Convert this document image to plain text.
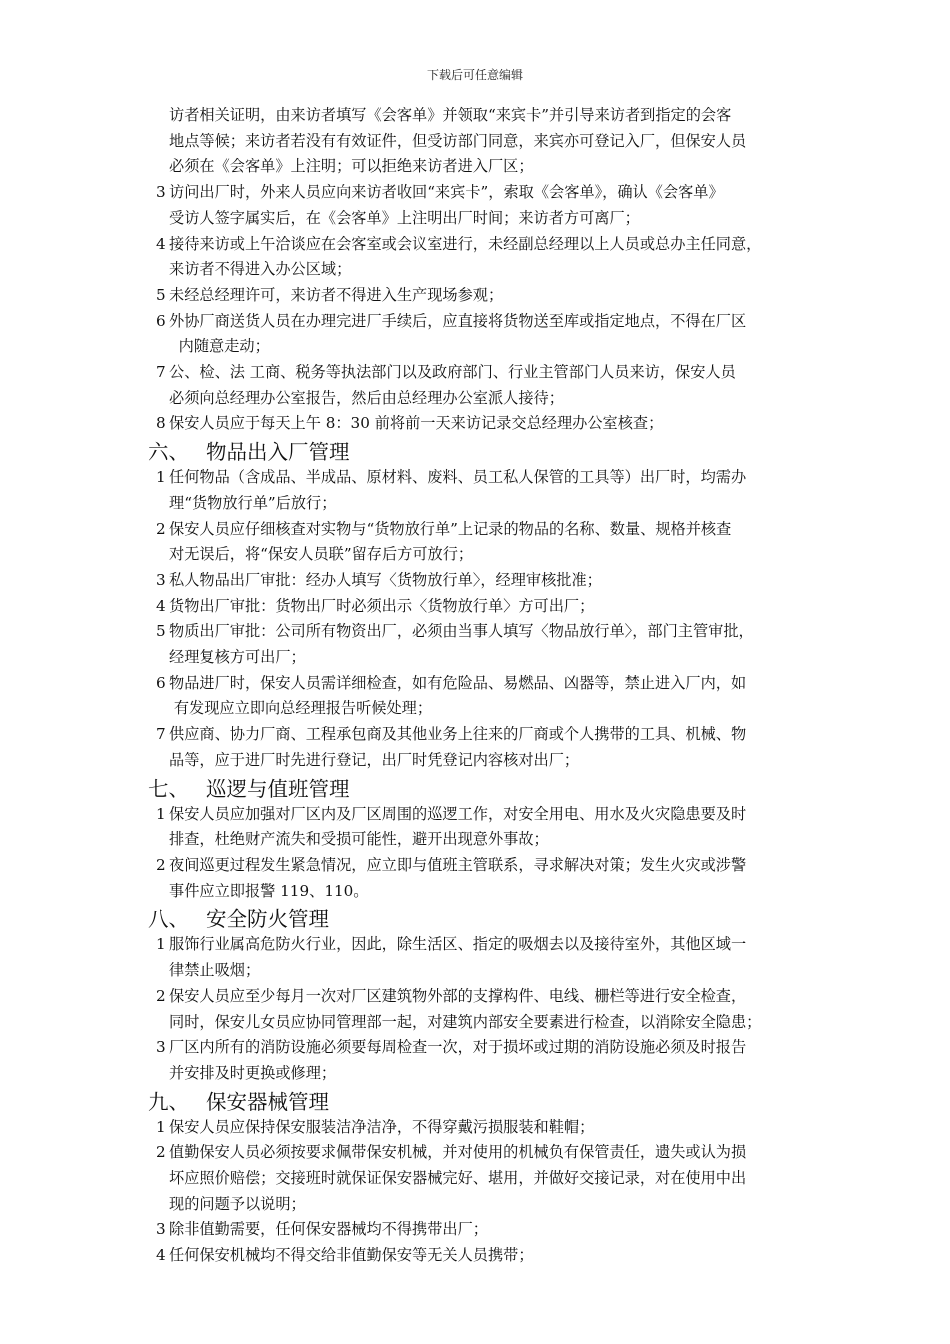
下载后可任意编辑
访者相关证明，由来访者填写《会客单》并领取“来宾卡”并引导来访者到指定的会客
地点等候；来访者若没有有效证件，但受访部门同意，来宾亦可登记入厂，但保安人员
必须在《会客单》上注明；可以拒绝来访者进入厂区；
3 访问出厂时，外来人员应向来访者收回“来宾卡”，索取《会客单》，确认《会客单》
受访人签字属实后，在《会客单》上注明出厂时间；来访者方可离厂；
4 接待来访或上午洽谈应在会客室或会议室进行，未经副总经理以上人员或总办主任同意，
来访者不得进入办公区域；
5 未经总经理许可，来访者不得进入生产现场参观；
6 外协厂商送货人员在办理完进厂手续后，应直接将货物送至库或指定地点，不得在厂区
内随意走动；
7 公、检、法 工商、税务等执法部门以及政府部门、行业主管部门人员来访，保安人员
必须向总经理办公室报告，然后由总经理办公室派人接待；
8 保安人员应于每天上午 8：30 前将前一天来访记录交总经理办公室核查；
六、 物品出入厂管理
1 任何物品（含成品、半成品、原材料、废料、员工私人保管的工具等）出厂时，均需办
理“货物放行单”后放行；
2 保安人员应仔细核查对实物与“货物放行单”上记录的物品的名称、数量、规格并核查
对无误后，将“保安人员联”留存后方可放行；
3 私人物品出厂审批：经办人填写〈货物放行单〉，经理审核批准；
4 货物出厂审批：货物出厂时必须出示〈货物放行单〉方可出厂；
5 物质出厂审批：公司所有物资出厂，必须由当事人填写〈物品放行单〉，部门主管审批，
经理复核方可出厂；
6 物品进厂时，保安人员需详细检查，如有危险品、易燃品、凶器等，禁止进入厂内，如
有发现应立即向总经理报告听候处理；
7 供应商、协力厂商、工程承包商及其他业务上往来的厂商或个人携带的工具、机械、物
品等，应于进厂时先进行登记，出厂时凭登记内容核对出厂；
七、 巡逻与值班管理
1 保安人员应加强对厂区内及厂区周围的巡逻工作，对安全用电、用水及火灾隐患要及时
排查，杜绝财产流失和受损可能性，避开出现意外事故；
2 夜间巡更过程发生紧急情况，应立即与值班主管联系，寻求解决对策；发生火灾或涉警
事件应立即报警 119、110。
八、 安全防火管理
1 服饰行业属高危防火行业，因此，除生活区、指定的吸烟去以及接待室外，其他区域一
律禁止吸烟；
2 保安人员应至少每月一次对厂区建筑物外部的支撑构件、电线、栅栏等进行安全检查，
同时，保安儿女员应协同管理部一起，对建筑内部安全要素进行检查，以消除安全隐患；
3 厂区内所有的消防设施必须要每周检查一次，对于损坏或过期的消防设施必须及时报告
并安排及时更换或修理；
九、 保安器械管理
1 保安人员应保持保安服装洁净洁净，不得穿戴污损服装和鞋帽；
2 值勤保安人员必须按要求佩带保安机械，并对使用的机械负有保管责任，遗失或认为损
坏应照价赔偿；交接班时就保证保安器械完好、堪用，并做好交接记录，对在使用中出
现的问题予以说明；
3 除非值勤需要，任何保安器械均不得携带出厂；
4 任何保安机械均不得交给非值勤保安等无关人员携带；
